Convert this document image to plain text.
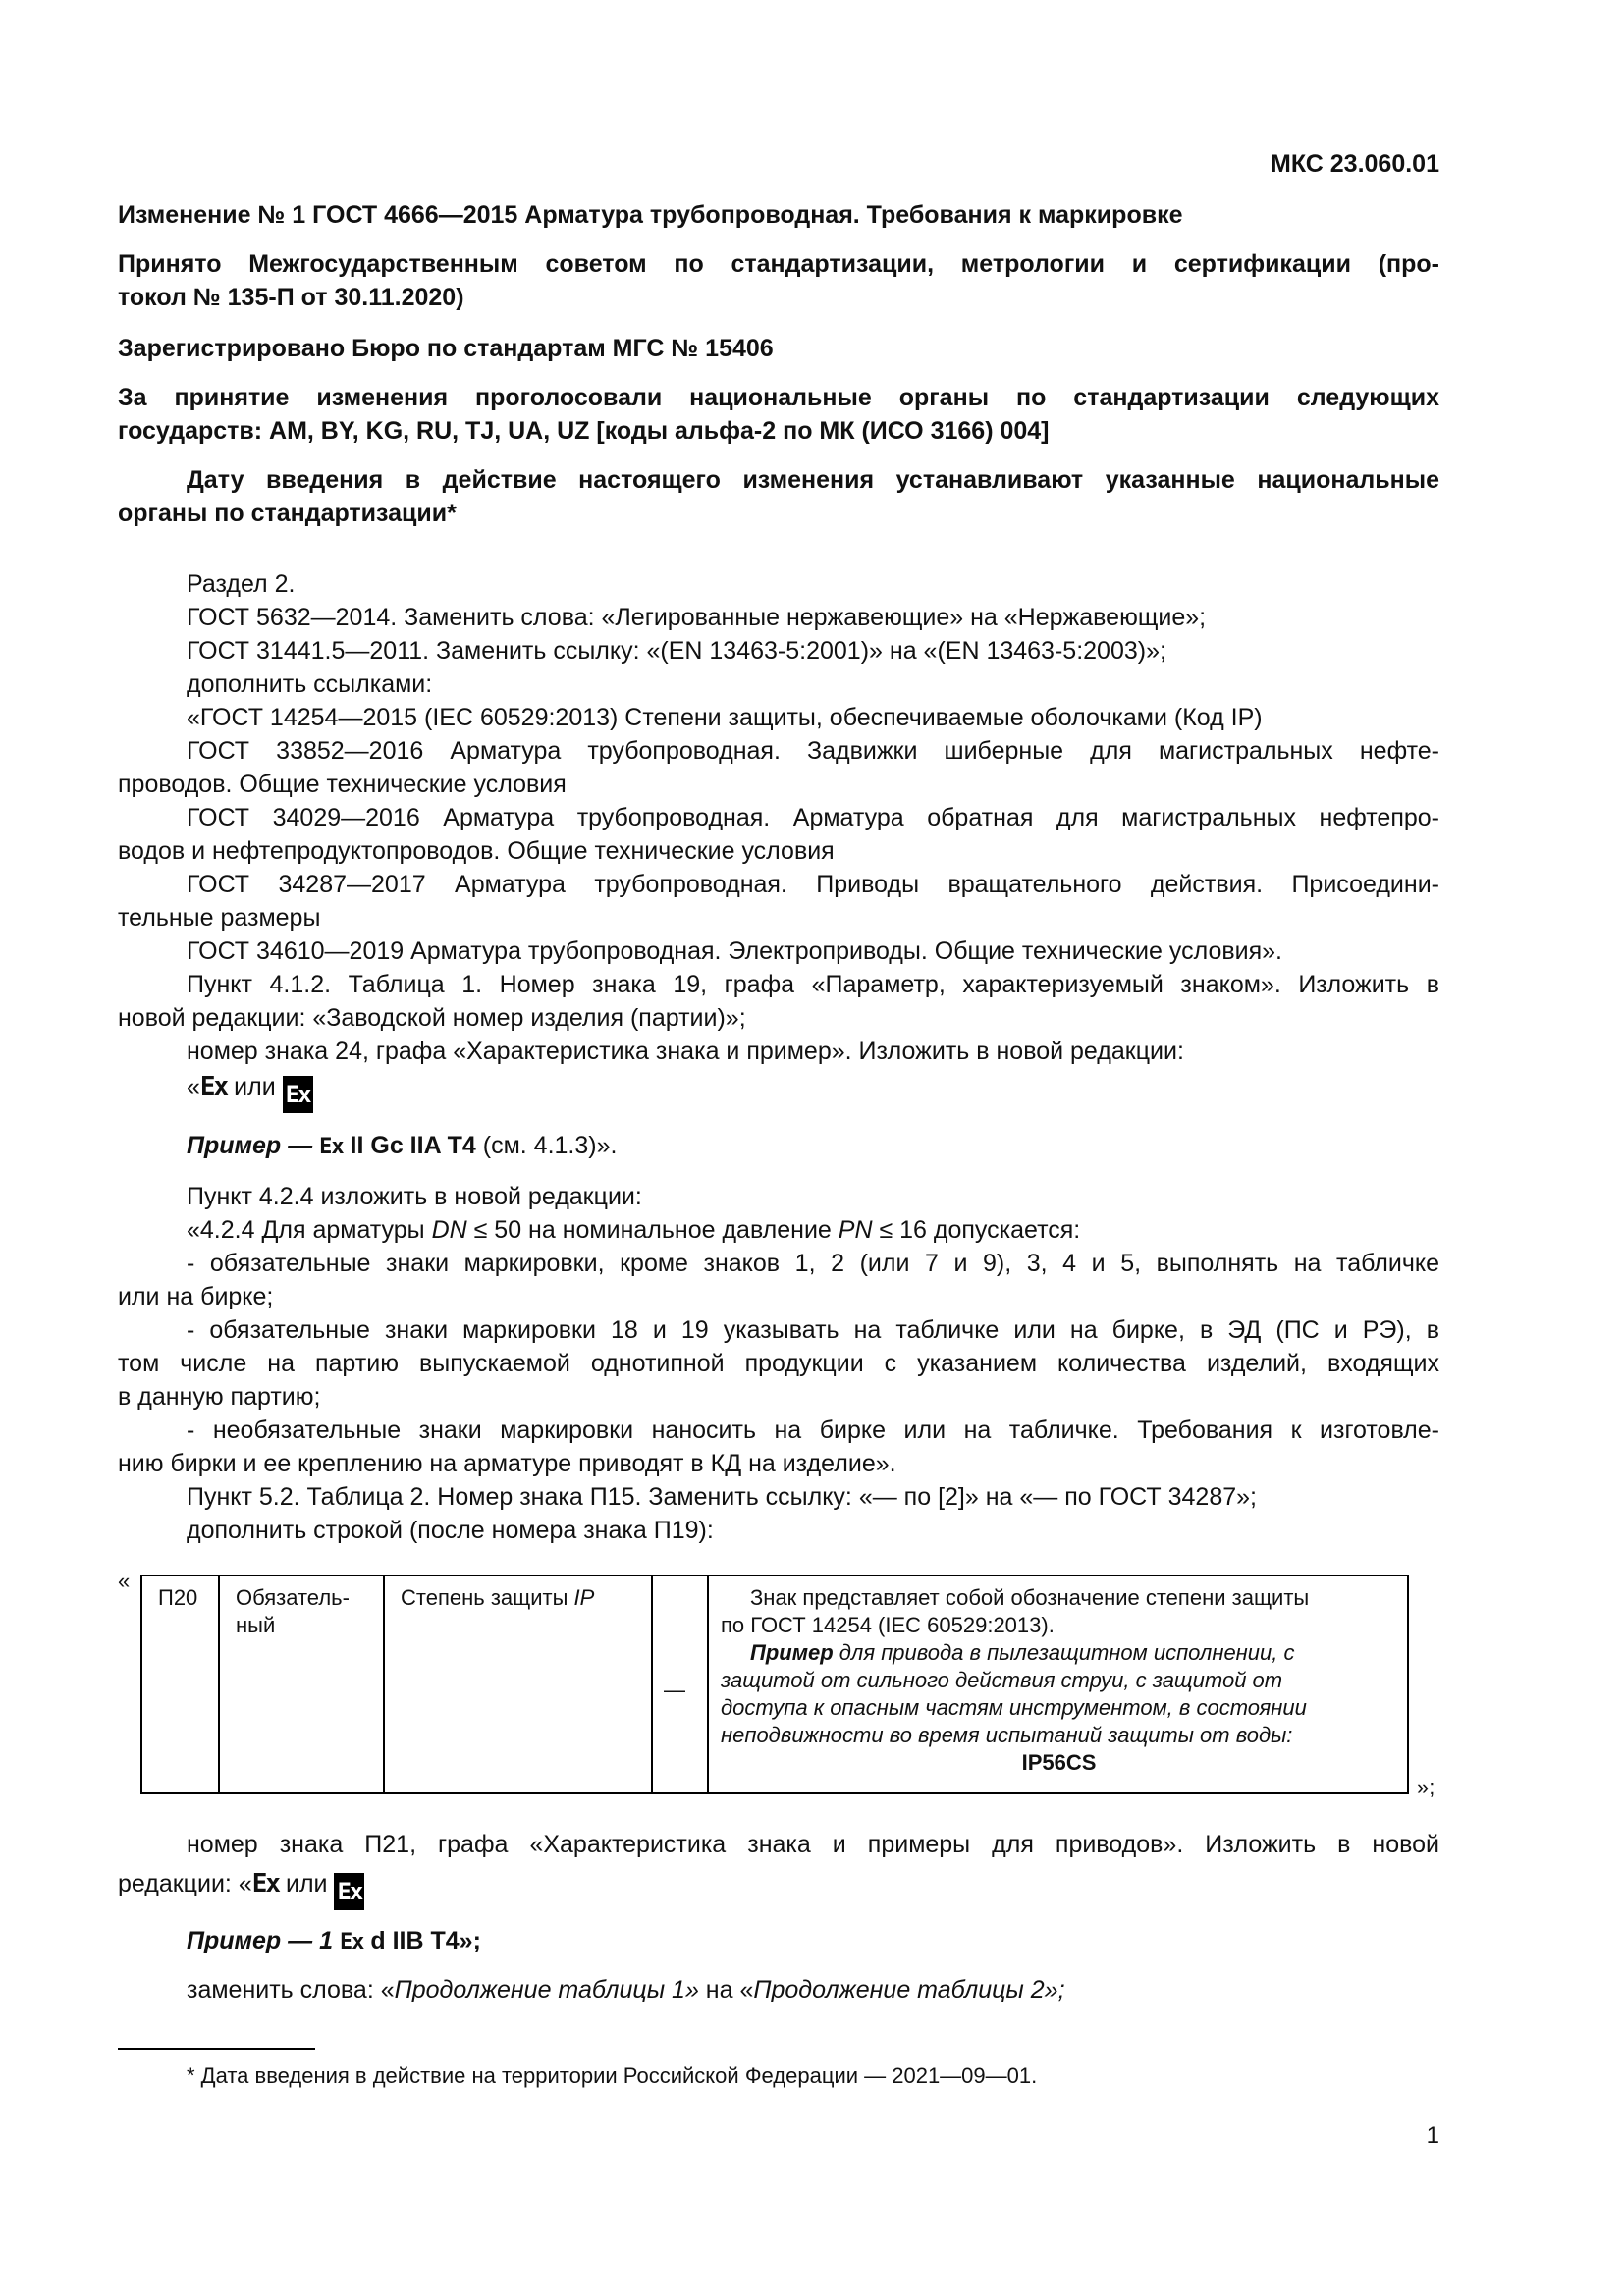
МКС 23.060.01
Изменение № 1 ГОСТ 4666—2015 Арматура трубопроводная. Требования к маркировке
Принято Межгосударственным советом по стандартизации, метрологии и сертификации (про-
токол № 135-П от 30.11.2020)
Зарегистрировано Бюро по стандартам МГС № 15406
За принятие изменения проголосовали национальные органы по стандартизации следующих
государств: AM, BY, KG, RU, TJ, UA, UZ [коды альфа-2 по МК (ИСО 3166) 004]
Дату введения в действие настоящего изменения устанавливают указанные национальные
органы по стандартизации*
Раздел 2.
ГОСТ 5632—2014. Заменить слова: «Легированные нержавеющие» на «Нержавеющие»;
ГОСТ 31441.5—2011. Заменить ссылку: «(EN 13463-5:2001)» на «(EN 13463-5:2003)»;
дополнить ссылками:
«ГОСТ 14254—2015 (IEC 60529:2013) Степени защиты, обеспечиваемые оболочками (Код IP)
ГОСТ 33852—2016 Арматура трубопроводная. Задвижки шиберные для магистральных нефте-
проводов. Общие технические условия
ГОСТ 34029—2016 Арматура трубопроводная. Арматура обратная для магистральных нефтепро-
водов и нефтепродуктопроводов. Общие технические условия
ГОСТ 34287—2017 Арматура трубопроводная. Приводы вращательного действия. Присоедини-
тельные размеры
ГОСТ 34610—2019 Арматура трубопроводная. Электроприводы. Общие технические условия».
Пункт 4.1.2. Таблица 1. Номер знака 19, графа «Параметр, характеризуемый знаком». Изложить в
новой редакции: «Заводской номер изделия (партии)»;
номер знака 24, графа «Характеристика знака и пример». Изложить в новой редакции:
«Ex или Ex
Пример — Ex II Gc IIA T4 (см. 4.1.3)».
Пункт 4.2.4 изложить в новой редакции:
«4.2.4 Для арматуры DN ≤ 50 на номинальное давление PN ≤ 16 допускается:
- обязательные знаки маркировки, кроме знаков 1, 2 (или 7 и 9), 3, 4 и 5, выполнять на табличке
или на бирке;
- обязательные знаки маркировки 18 и 19 указывать на табличке или на бирке, в ЭД (ПС и РЭ), в
том числе на партию выпускаемой однотипной продукции с указанием количества изделий, входящих
в данную партию;
- необязательные знаки маркировки наносить на бирке или на табличке. Требования к изготовле-
нию бирки и ее креплению на арматуре приводят в КД на изделие».
Пункт 5.2. Таблица 2. Номер знака П15. Заменить ссылку: «— по [2]» на «— по ГОСТ 34287»;
дополнить строкой (после номера знака П19):
«
П20 Обязатель-
ный
Степень защиты IP
—
Знак представляет собой обозначение степени защиты
по ГОСТ 14254 (IEC 60529:2013).
Пример для привода в пылезащитном исполнении, с
защитой от сильного действия струи, с защитой от
доступа к опасным частям инструментом, в состоянии
неподвижности во время испытаний защиты от воды:
IP56CS
»;
номер знака П21, графа «Характеристика знака и примеры для приводов». Изложить в новой
редакции: «Ex или Ex
Пример — 1 Ex d IIB T4»;
заменить слова: «Продолжение таблицы 1» на «Продолжение таблицы 2»;
* Дата введения в действие на территории Российской Федерации — 2021—09—01.
1
